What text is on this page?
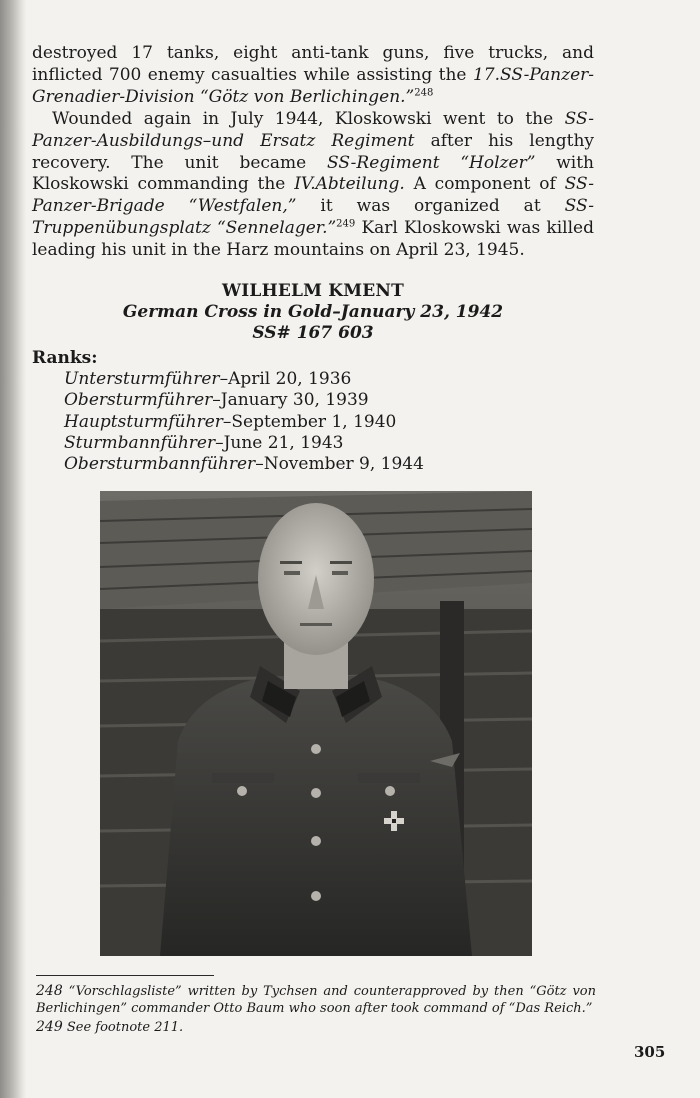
destroyed 17 tanks, eight anti-tank guns, five trucks, and inflicted 700 enemy casualties while assisting the 17.SS-Panzer-Grenadier-Division “Götz von Berlichingen.”$^{248}$
Wounded again in July 1944, Kloskowski went to the SS-Panzer-Ausbildungs–und Ersatz Regiment after his lengthy recovery. The unit became SS-Regiment “Holzer” with Kloskowski commanding the IV.Abteilung. A component of SS-Panzer-Brigade “Westfalen,” it was organized at SS-Truppenübungsplatz “Sennelager.”$^{249}$ Karl Kloskowski was killed leading his unit in the Harz mountains on April 23, 1945.
WILHELM KMENT
German Cross in Gold–January 23, 1942
SS# 167 603
Ranks:
Untersturmführer–April 20, 1936
Obersturmführer–January 30, 1939
Hauptsturmführer–September 1, 1940
Sturmbannführer–June 21, 1943
Obersturmbannführer–November 9, 1944

248 “Vorschlagsliste” written by Tychsen and counterapproved by then “Götz von Berlichingen” commander Otto Baum who soon after took command of “Das Reich.”

249 See footnote 211.

305
